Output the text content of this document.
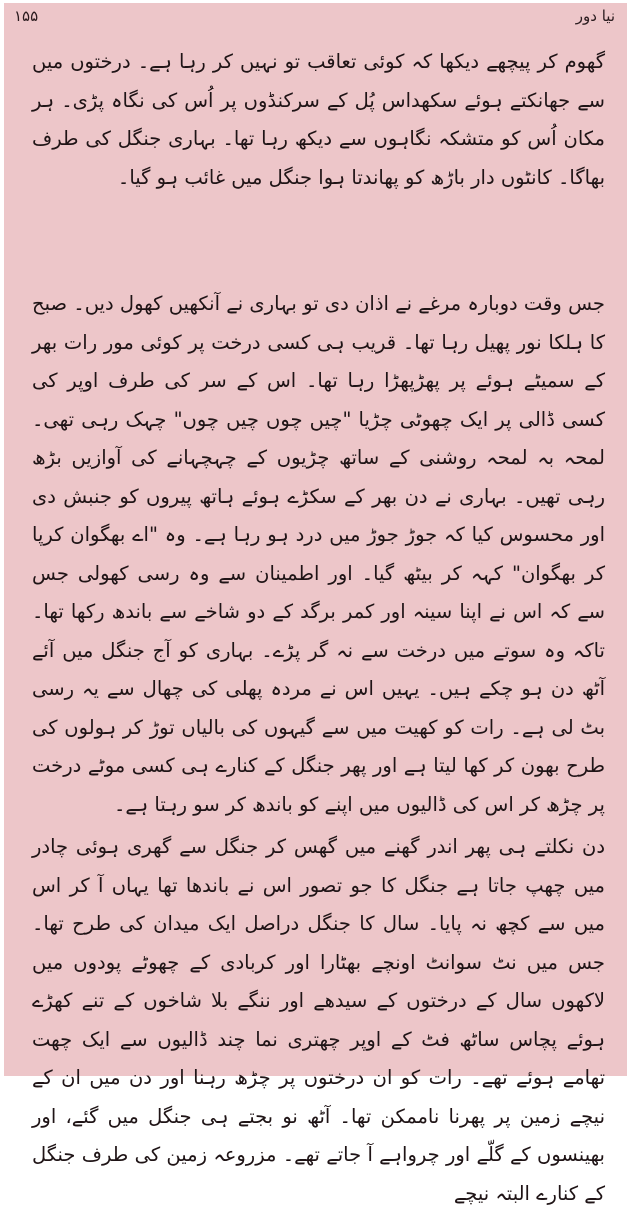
۱۵۵	نیا دور

گھوم کر پیچھے دیکھا کہ کوئی تعاقب تو نہیں کر رہا ہے۔ درختوں میں سے جھانکتے ہوئے سکھداس پُل کے سرکنڈوں پر اُس کی نگاہ پڑی۔ ہر مکان اُس کو متشکہ نگاہوں سے دیکھ رہا تھا۔ بہاری جنگل کی طرف بھاگا۔ کانٹوں دار باڑھ کو پھاندتا ہوا جنگل میں غائب ہو گیا۔

جس وقت دوبارہ مرغے نے اذان دی تو بہاری نے آنکھیں کھول دیں۔ صبح کا ہلکا نور پھیل رہا تھا۔ قریب ہی کسی درخت پر کوئی مور رات بھر کے سمیٹے ہوئے پر پھڑپھڑا رہا تھا۔ اس کے سر کی طرف اوپر کی کسی ڈالی پر ایک چھوٹی چڑیا "چیں چوں چیں چوں" چہک رہی تھی۔ لمحہ بہ لمحہ روشنی کے ساتھ چڑیوں کے چہچہانے کی آوازیں بڑھ رہی تھیں۔ بہاری نے دن بھر کے سکڑے ہوئے ہاتھ پیروں کو جنبش دی اور محسوس کیا کہ جوڑ جوڑ میں درد ہو رہا ہے۔ وہ "اے بھگوان کرپا کر بھگوان" کہہ کر بیٹھ گیا۔ اور اطمینان سے وہ رسی کھولی جس سے کہ اس نے اپنا سینہ اور کمر برگد کے دو شاخے سے باندھ رکھا تھا۔ تاکہ وہ سوتے میں درخت سے نہ گر پڑے۔ بہاری کو آج جنگل میں آئے آٹھ دن ہو چکے ہیں۔ یہیں اس نے مردہ پھلی کی چھال سے یہ رسی بٹ لی ہے۔ رات کو کھیت میں سے گیہوں کی بالیاں توڑ کر ہولوں کی طرح بھون کر کھا لیتا ہے اور پھر جنگل کے کنارے ہی کسی موٹے درخت پر چڑھ کر اس کی ڈالیوں میں اپنے کو باندھ کر سو رہتا ہے۔

دن نکلتے ہی پھر اندر گھنے میں گھس کر جنگل سے گھری ہوئی چادر میں چھپ جاتا ہے جنگل کا جو تصور اس نے باندھا تھا یہاں آ کر اس میں سے کچھ نہ پایا۔ سال کا جنگل دراصل ایک میدان کی طرح تھا۔ جس میں نٹ سوانٹ اونچے بھٹارا اور کربادی کے چھوٹے پودوں میں لاکھوں سال کے درختوں کے سیدھے اور ننگے بلا شاخوں کے تنے کھڑے ہوئے پچاس ساٹھ فٹ کے اوپر چھتری نما چند ڈالیوں سے ایک چھت تھامے ہوئے تھے۔ رات کو ان درختوں پر چڑھ رہنا اور دن میں ان کے نیچے زمین پر پھرنا ناممکن تھا۔ آٹھ نو بجتے ہی جنگل میں گئے، اور بھینسوں کے گلّے اور چرواہے آ جاتے تھے۔ مزروعہ زمین کی طرف جنگل کے کنارے البتہ نیچے
